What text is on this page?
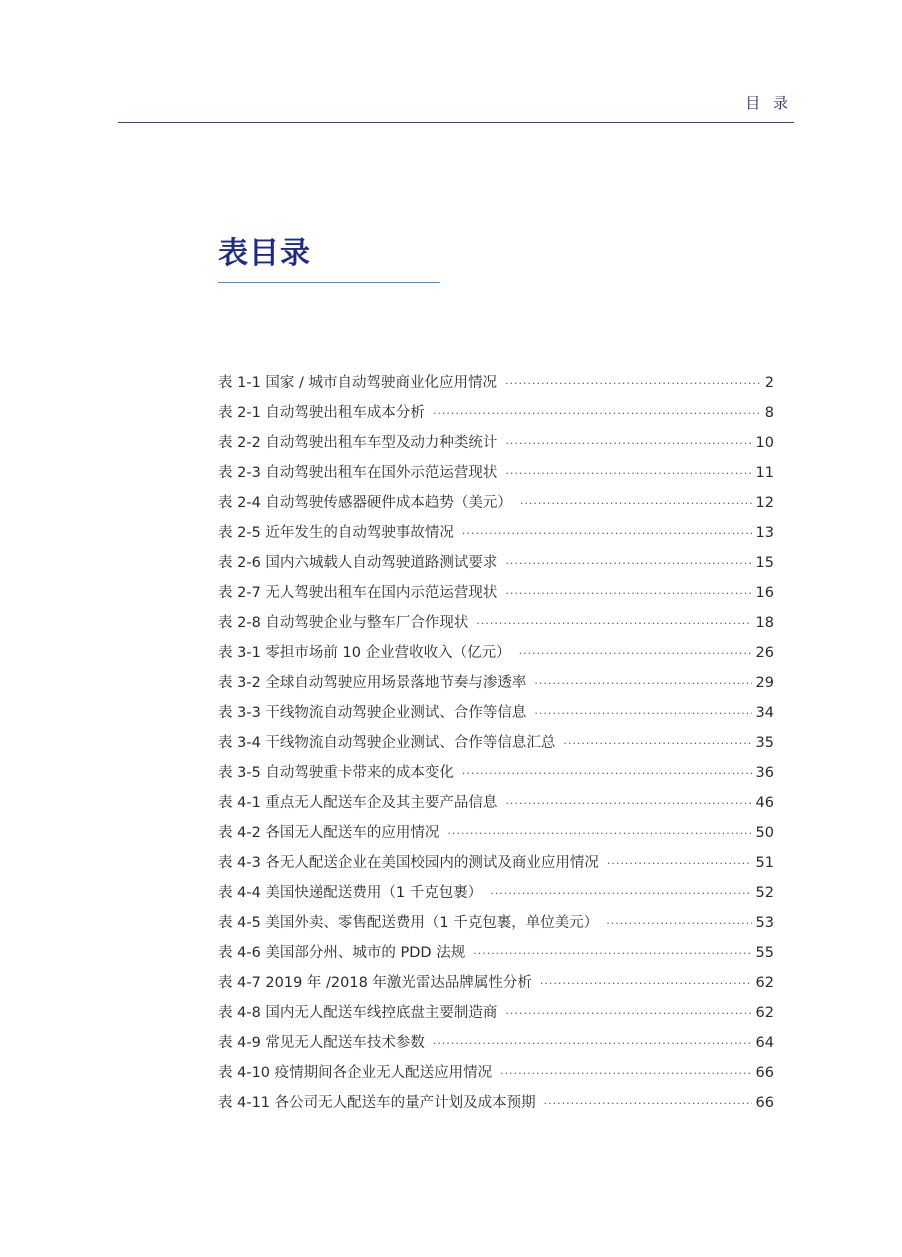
目 录
表目录
表 1-1 国家 / 城市自动驾驶商业化应用情况 ·····	2
表 2-1 自动驾驶出租车成本分析 ·····	8
表 2-2 自动驾驶出租车车型及动力种类统计 ·····	10
表 2-3 自动驾驶出租车在国外示范运营现状 ·····	11
表 2-4 自动驾驶传感器硬件成本趋势（美元） ·····	12
表 2-5 近年发生的自动驾驶事故情况 ·····	13
表 2-6 国内六城载人自动驾驶道路测试要求 ·····	15
表 2-7 无人驾驶出租车在国内示范运营现状 ·····	16
表 2-8 自动驾驶企业与整车厂合作现状 ·····	18
表 3-1 零担市场前 10 企业营收收入（亿元） ·····	26
表 3-2 全球自动驾驶应用场景落地节奏与渗透率 ·····	29
表 3-3 干线物流自动驾驶企业测试、合作等信息 ·····	34
表 3-4 干线物流自动驾驶企业测试、合作等信息汇总 ·····	35
表 3-5 自动驾驶重卡带来的成本变化 ·····	36
表 4-1 重点无人配送车企及其主要产品信息 ·····	46
表 4-2 各国无人配送车的应用情况 ·····	50
表 4-3 各无人配送企业在美国校园内的测试及商业应用情况 ·····	51
表 4-4 美国快递配送费用（1 千克包裹） ·····	52
表 4-5 美国外卖、零售配送费用（1 千克包裹，单位美元） ·····	53
表 4-6 美国部分州、城市的 PDD 法规 ·····	55
表 4-7 2019 年 /2018 年激光雷达品牌属性分析 ·····	62
表 4-8 国内无人配送车线控底盘主要制造商 ·····	62
表 4-9 常见无人配送车技术参数 ·····	64
表 4-10 疫情期间各企业无人配送应用情况 ·····	66
表 4-11 各公司无人配送车的量产计划及成本预期 ·····	66
